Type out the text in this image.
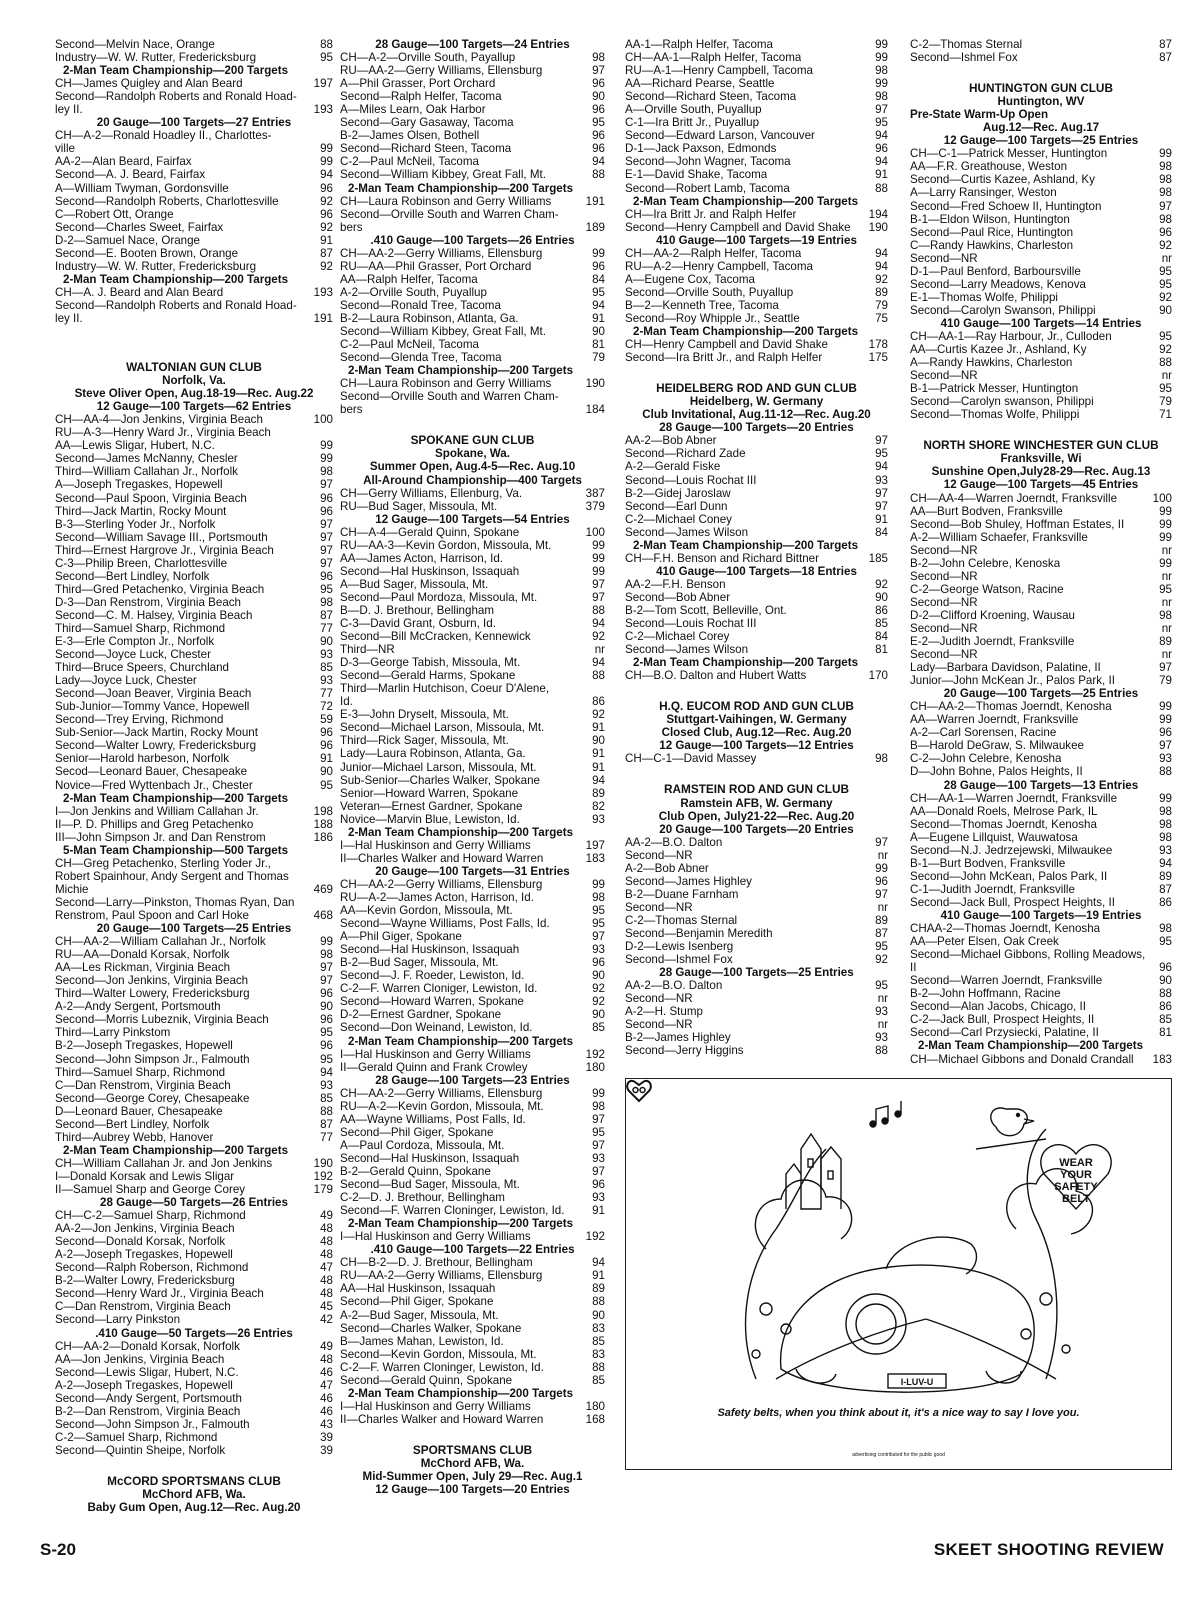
Second—Melvin Nace, Orange	88
Industry—W. W. Rutter, Fredericksburg	95
2-Man Team Championship—200 Targets
CH—James Quigley and Alan Beard	197
Second—Randolph Roberts and Ronald Hoad-
ley II.	193
20 Gauge—100 Targets—27 Entries
CH—A-2—Ronald Hoadley II., Charlottes-
ville	99
AA-2—Alan Beard, Fairfax	99
Second—A. J. Beard, Fairfax	94
A—William Twyman, Gordonsville	96
Second—Randolph Roberts, Charlottesville	92
C—Robert Ott, Orange	96
Second—Charles Sweet, Fairfax	92
D-2—Samuel Nace, Orange	91
Second—E. Booten Brown, Orange	87
Industry—W. W. Rutter, Fredericksburg	92
2-Man Team Championship—200 Targets
CH—A. J. Beard and Alan Beard	193
Second—Randolph Roberts and Ronald Hoad-
ley II.	191
WALTONIAN GUN CLUB
Norfolk, Va.
Steve Oliver Open, Aug.18-19—Rec. Aug.22
12 Gauge—100 Targets—62 Entries
CH—AA-4—Jon Jenkins, Virginia Beach	100
RU—A-3—Henry Ward Jr., Virginia Beach
AA—Lewis Sligar, Hubert, N.C.	99
Second—James McNanny, Chesler	99
Third—William Callahan Jr., Norfolk	98
A—Joseph Tregaskes, Hopewell	97
Second—Paul Spoon, Virginia Beach	96
Third—Jack Martin, Rocky Mount	96
B-3—Sterling Yoder Jr., Norfolk	97
Second—William Savage III., Portsmouth	97
Third—Ernest Hargrove Jr., Virginia Beach	97
C-3—Philip Breen, Charlottesville	97
Second—Bert Lindley, Norfolk	96
Third—Gred Petachenko, Virginia Beach	95
D-3—Dan Renstrom, Virginia Beach	98
Second—C. M. Halsey, Virginia Beach	87
Third—Samuel Sharp, Richmond	77
E-3—Erle Compton Jr., Norfolk	90
Second—Joyce Luck, Chester	93
Third—Bruce Speers, Churchland	85
Lady—Joyce Luck, Chester	93
Second—Joan Beaver, Virginia Beach	77
Sub-Junior—Tommy Vance, Hopewell	72
Second—Trey Erving, Richmond	59
Sub-Senior—Jack Martin, Rocky Mount	96
Second—Walter Lowry, Fredericksburg	96
Senior—Harold harbeson, Norfolk	91
Secod—Leonard Bauer, Chesapeake	90
Novice—Fred Wyttenbach Jr., Chester	95
2-Man Team Championship—200 Targets
I—Jon Jenkins and William Callahan Jr.	198
II—P. D. Phillips and Greg Petachenko	188
III—John Simpson Jr. and Dan Renstrom	186
5-Man Team Championship—500 Targets
CH—Greg Petachenko, Sterling Yoder Jr.,
Robert Spainhour, Andy Sergent and Thomas
Michie	469
Second—Larry—Pinkston, Thomas Ryan, Dan
Renstrom, Paul Spoon and Carl Hoke	468
20 Gauge—100 Targets—25 Entries
CH—AA-2—William Callahan Jr., Norfolk	99
RU—AA—Donald Korsak, Norfolk	98
AA—Les Rickman, Virginia Beach	97
Second—Jon Jenkins, Virginia Beach	97
Third—Walter Lowery, Fredericksburg	96
A-2—Andy Sergent, Portsmouth	90
Second—Morris Lubeznik, Virginia Beach	96
Third—Larry Pinkstom	95
B-2—Joseph Tregaskes, Hopewell	96
Second—John Simpson Jr., Falmouth	95
Third—Samuel Sharp, Richmond	94
C—Dan Renstrom, Virginia Beach	93
Second—George Corey, Chesapeake	85
D—Leonard Bauer, Chesapeake	88
Second—Bert Lindley, Norfolk	87
Third—Aubrey Webb, Hanover	77
2-Man Team Championship—200 Targets
CH—William Callahan Jr. and Jon Jenkins	190
I—Donald Korsak and Lewis Sligar	192
II—Samuel Sharp and George Corey	179
28 Gauge—50 Targets—26 Entries
CH—C-2—Samuel Sharp, Richmond	49
AA-2—Jon Jenkins, Virginia Beach	48
Second—Donald Korsak, Norfolk	48
A-2—Joseph Tregaskes, Hopewell	48
Second—Ralph Roberson, Richmond	47
B-2—Walter Lowry, Fredericksburg	48
Second—Henry Ward Jr., Virginia Beach	48
C—Dan Renstrom, Virginia Beach	45
Second—Larry Pinkston	42
.410 Gauge—50 Targets—26 Entries
CH—AA-2—Donald Korsak, Norfolk	49
AA—Jon Jenkins, Virginia Beach	48
Second—Lewis Sligar, Hubert, N.C.	46
A-2—Joseph Tregaskes, Hopewell	47
Second—Andy Sergent, Portsmouth	46
B-2—Dan Renstrom, Virginia Beach	46
Second—John Simpson Jr., Falmouth	43
C-2—Samuel Sharp, Richmond	39
Second—Quintin Sheipe, Norfolk	39
McCORD SPORTSMANS CLUB
McChord AFB, Wa.
Baby Gum Open, Aug.12—Rec. Aug.20
28 Gauge—100 Targets—24 Entries
CH—A-2—Orville South, Payallup	98
RU—AA-2—Gerry Williams, Ellensburg	97
A—Phil Grasser, Port Orchard	96
Second—Ralph Helfer, Tacoma	90
A—Miles Learn, Oak Harbor	96
Second—Gary Gasaway, Tacoma	95
B-2—James Olsen, Bothell	96
Second—Richard Steen, Tacoma	96
C-2—Paul McNeil, Tacoma	94
Second—William Kibbey, Great Fall, Mt.	88
2-Man Team Championship—200 Targets
CH—Laura Robinson and Gerry Williams	191
Second—Orville South and Warren Cham-
bers	189
.410 Gauge—100 Targets—26 Entries
CH—AA-2—Gerry Williams, Ellensburg	99
RU—AA—Phil Grasser, Port Orchard	96
AA—Ralph Helfer, Tacoma	84
A-2—Orville South, Puyallup	95
Second—Ronald Tree, Tacoma	94
B-2—Laura Robinson, Atlanta, Ga.	91
Second—William Kibbey, Great Fall, Mt.	90
C-2—Paul McNeil, Tacoma	81
Second—Glenda Tree, Tacoma	79
2-Man Team Championship—200 Targets
CH—Laura Robinson and Gerry Williams	190
Second—Orville South and Warren Cham-
bers	184
SPOKANE GUN CLUB
Spokane, Wa.
Summer Open, Aug.4-5—Rec. Aug.10
All-Around Championship—400 Targets
CH—Gerry Williams, Ellenburg, Va.	387
RU—Bud Sager, Missoula, Mt.	379
12 Gauge—100 Targets—54 Entries
CH—A-4—Gerald Quinn, Spokane	100
RU—AA-3—Kevin Gordon, Missoula, Mt.	99
AA—James Acton, Harrison, Id.	99
Second—Hal Huskinson, Issaquah	99
A—Bud Sager, Missoula, Mt.	97
Second—Paul Mordoza, Missoula, Mt.	97
B—D. J. Brethour, Bellingham	88
C-3—David Grant, Osburn, Id.	94
Second—Bill McCracken, Kennewick	92
Third—NR	nr
D-3—George Tabish, Missoula, Mt.	94
Second—Gerald Harms, Spokane	88
Third—Marlin Hutchison, Coeur D'Alene,
Id.	86
E-3—John Dryselt, Missoula, Mt.	92
Second—Michael Larson, Missoula, Mt.	91
Third—Rick Sager, Missoula, Mt.	90
Lady—Laura Robinson, Atlanta, Ga.	91
Junior—Michael Larson, Missoula, Mt.	91
Sub-Senior—Charles Walker, Spokane	94
Senior—Howard Warren, Spokane	89
Veteran—Ernest Gardner, Spokane	82
Novice—Marvin Blue, Lewiston, Id.	93
2-Man Team Championship—200 Targets
I—Hal Huskinson and Gerry Williams	197
II—Charles Walker and Howard Warren	183
20 Gauge—100 Targets—31 Entries
CH—AA-2—Gerry Williams, Ellensburg	99
RU—A-2—James Acton, Harrison, Id.	98
AA—Kevin Gordon, Missoula, Mt.	95
Second—Wayne Williams, Post Falls, Id.	95
A—Phil Giger, Spokane	97
Second—Hal Huskinson, Issaquah	93
B-2—Bud Sager, Missoula, Mt.	96
Second—J. F. Roeder, Lewiston, Id.	90
C-2—F. Warren Cloniger, Lewiston, Id.	92
Second—Howard Warren, Spokane	92
D-2—Ernest Gardner, Spokane	90
Second—Don Weinand, Lewiston, Id.	85
2-Man Team Championship—200 Targets
I—Hal Huskinson and Gerry Williams	192
II—Gerald Quinn and Frank Crowley	180
28 Gauge—100 Targets—23 Entries
CH—AA-2—Gerry Williams, Ellensburg	99
RU—A-2—Kevin Gordon, Missoula, Mt.	98
AA—Wayne Williams, Post Falls, Id.	97
Second—Phil Giger, Spokane	95
A—Paul Cordoza, Missoula, Mt.	97
Second—Hal Huskinson, Issaquah	93
B-2—Gerald Quinn, Spokane	97
Second—Bud Sager, Missoula, Mt.	96
C-2—D. J. Brethour, Bellingham	93
Second—F. Warren Cloninger, Lewiston, Id.	91
2-Man Team Championship—200 Targets
I—Hal Huskinson and Gerry Williams	192
.410 Gauge—100 Targets—22 Entries
CH—B-2—D. J. Brethour, Bellingham	94
RU—AA-2—Gerry Williams, Ellensburg	91
AA—Hal Huskinson, Issaquah	89
Second—Phil Giger, Spokane	88
A-2—Bud Sager, Missoula, Mt.	90
Second—Charles Walker, Spokane	83
B—James Mahan, Lewiston, Id.	85
Second—Kevin Gordon, Missoula, Mt.	83
C-2—F. Warren Cloninger, Lewiston, Id.	88
Second—Gerald Quinn, Spokane	85
2-Man Team Championship—200 Targets
I—Hal Huskinson and Gerry Williams	180
II—Charles Walker and Howard Warren	168
SPORTSMANS CLUB
McChord AFB, Wa.
Mid-Summer Open, July 29—Rec. Aug.1
12 Gauge—100 Targets—20 Entries
AA-1—Ralph Helfer, Tacoma	99
CH—AA-1—Ralph Helfer, Tacoma	99
RU—A-1—Henry Campbell, Tacoma	98
AA—Richard Pearse, Seattle	99
Second—Richard Steen, Tacoma	98
A—Orville South, Puyallup	97
C-1—Ira Britt Jr., Puyallup	95
Second—Edward Larson, Vancouver	94
D-1—Jack Paxson, Edmonds	96
Second—John Wagner, Tacoma	94
E-1—David Shake, Tacoma	91
Second—Robert Lamb, Tacoma	88
2-Man Team Championship—200 Targets
CH—Ira Britt Jr. and Ralph Helfer	194
Second—Henry Campbell and David Shake	190
410 Gauge—100 Targets—19 Entries
CH—AA-2—Ralph Helfer, Tacoma	94
RU—A-2—Henry Campbell, Tacoma	94
A—Eugene Cox, Tacoma	92
Second—Orville South, Puyallup	89
B—2—Kenneth Tree, Tacoma	79
Second—Roy Whipple Jr., Seattle	75
2-Man Team Championship—200 Targets
CH—Henry Campbell and David Shake	178
Second—Ira Britt Jr., and Ralph Helfer	175
HEIDELBERG ROD AND GUN CLUB
Heidelberg, W. Germany
Club Invitational, Aug.11-12—Rec. Aug.20
28 Gauge—100 Targets—20 Entries
AA-2—Bob Abner	97
Second—Richard Zade	95
A-2—Gerald Fiske	94
Second—Louis Rochat III	93
B-2—Gidej Jaroslaw	97
Second—Earl Dunn	97
C-2—Michael Coney	91
Second—James Wilson	84
2-Man Team Championship—200 Targets
CH—F.H. Benson and Richard Bittner	185
410 Gauge—100 Targets—18 Entries
AA-2—F.H. Benson	92
Second—Bob Abner	90
B-2—Tom Scott, Belleville, Ont.	86
Second—Louis Rochat III	85
C-2—Michael Corey	84
Second—James Wilson	81
2-Man Team Championship—200 Targets
CH—B.O. Dalton and Hubert Watts	170
H.Q. EUCOM ROD AND GUN CLUB
Stuttgart-Vaihingen, W. Germany
Closed Club, Aug.12—Rec. Aug.20
12 Gauge—100 Targets—12 Entries
CH—C-1—David Massey	98
RAMSTEIN ROD AND GUN CLUB
Ramstein AFB, W. Germany
Club Open, July21-22—Rec. Aug.20
20 Gauge—100 Targets—20 Entries
AA-2—B.O. Dalton	97
Second—NR	nr
A-2—Bob Abner	99
Second—James Highley	96
B-2—Duane Farnham	97
Second—NR	nr
C-2—Thomas Sternal	89
Second—Benjamin Meredith	87
D-2—Lewis Isenberg	95
Second—Ishmel Fox	92
28 Gauge—100 Targets—25 Entries
AA-2—B.O. Dalton	95
Second—NR	nr
A-2—H. Stump	93
Second—NR	nr
B-2—James Highley	93
Second—Jerry Higgins	88
C-2—Thomas Sternal	87
Second—Ishmel Fox	87
HUNTINGTON GUN CLUB
Huntington, WV
Pre-State Warm-Up Open
Aug.12—Rec. Aug.17
12 Gauge—100 Targets—25 Entries
CH—C-1—Patrick Messer, Huntington	99
AA—F.R. Greathouse, Weston	98
Second—Curtis Kazee, Ashland, Ky	98
A—Larry Ransinger, Weston	98
Second—Fred Schoew II, Huntington	97
B-1—Eldon Wilson, Huntington	98
Second—Paul Rice, Huntington	96
C—Randy Hawkins, Charleston	92
Second—NR	nr
D-1—Paul Benford, Barboursville	95
Second—Larry Meadows, Kenova	95
E-1—Thomas Wolfe, Philippi	92
Second—Carolyn Swanson, Philippi	90
410 Gauge—100 Targets—14 Entries
CH—AA-1—Ray Harbour, Jr., Culloden	95
AA—Curtis Kazee Jr., Ashland, Ky	92
A—Randy Hawkins, Charleston	88
Second—NR	nr
B-1—Patrick Messer, Huntington	95
Second—Carolyn swanson, Philippi	79
Second—Thomas Wolfe, Philippi	71
NORTH SHORE WINCHESTER GUN CLUB
Franksville, Wi
Sunshine Open,July28-29—Rec. Aug.13
12 Gauge—100 Targets—45 Entries
CH—AA-4—Warren Joerndt, Franksville	100
AA—Burt Bodven, Franksville	99
Second—Bob Shuley, Hoffman Estates, II	99
A-2—William Schaefer, Franksville	99
Second—NR	nr
B-2—John Celebre, Kenoska	99
Second—NR	nr
C-2—George Watson, Racine	95
Second—NR	nr
D-2—Clifford Kroening, Wausau	98
Second—NR	nr
E-2—Judith Joerndt, Franksville	89
Second—NR	nr
Lady—Barbara Davidson, Palatine, II	97
Junior—John McKean Jr., Palos Park, II	79
20 Gauge—100 Targets—25 Entries
CH—AA-2—Thomas Joerndt, Kenosha	99
AA—Warren Joerndt, Franksville	99
A-2—Carl Sorensen, Racine	96
B—Harold DeGraw, S. Milwaukee	97
C-2—John Celebre, Kenosha	93
D—John Bohne, Palos Heights, II	88
28 Gauge—100 Targets—13 Entries
CH—AA-1—Warren Joerndt, Franksville	99
AA—Donald Roels, Melrose Park, IL	98
Second—Thomas Joerndt, Kenosha	98
A—Eugene Lillquist, Wauwatosa	98
Second—N.J. Jedrzejewski, Milwaukee	93
B-1—Burt Bodven, Franksville	94
Second—John McKean, Palos Park, II	89
C-1—Judith Joerndt, Franksville	87
Second—Jack Bull, Prospect Heights, II	86
410 Gauge—100 Targets—19 Entries
CHAA-2—Thomas Joerndt, Kenosha	98
AA—Peter Elsen, Oak Creek	95
Second—Michael Gibbons, Rolling Meadows,
II	96
Second—Warren Joerndt, Franksville	90
B-2—John Hoffmann, Racine	88
Second—Alan Jacobs, Chicago, II	86
C-2—Jack Bull, Prospect Heights, II	85
Second—Carl Przysiecki, Palatine, II	81
2-Man Team Championship—200 Targets
CH—Michael Gibbons and Donald Crandall	183
WEAR
YOUR
SAFETY
BELT
I-LUV-U
Safety belts, when you think about it, it's a nice way to say I love you.
advertising contributed for the public good
S-20	SKEET SHOOTING REVIEW
